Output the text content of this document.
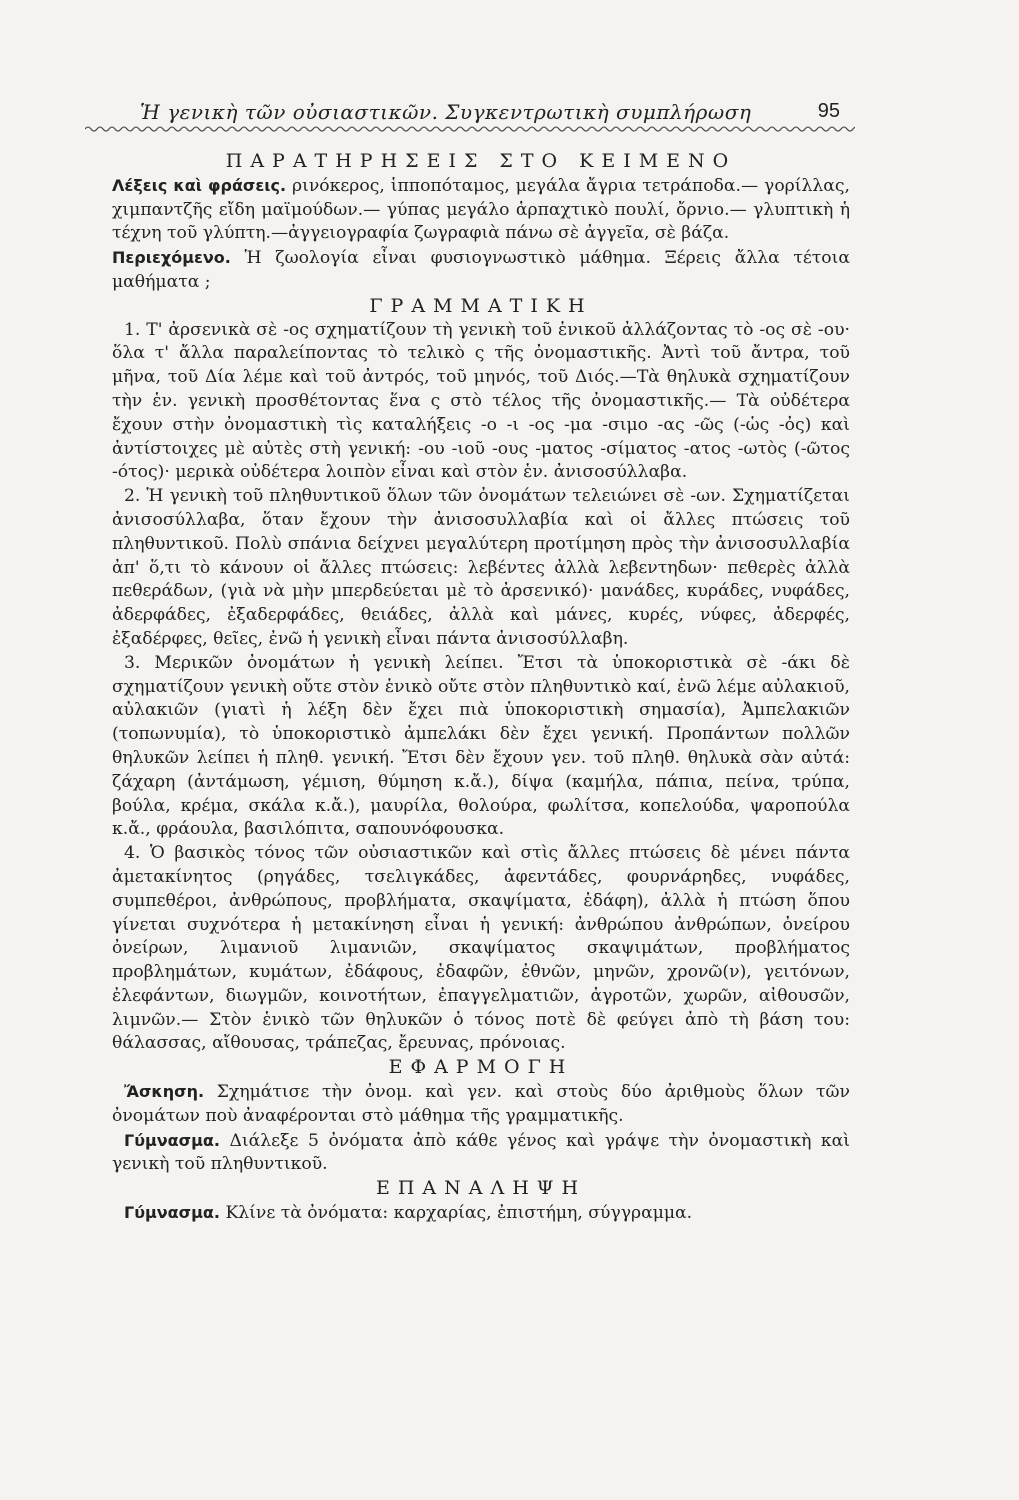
Ἡ γενικὴ τῶν οὐσιαστικῶν. Συγκεντρωτικὴ συμπλήρωση	95

ΠΑΡΑΤΗΡΗΣΕΙΣ ΣΤΟ ΚΕΙΜΕΝΟ

Λέξεις καὶ φράσεις. ρινόκερος, ἱπποπόταμος, μεγάλα ἄγρια τετράποδα.— γορίλλας, χιμπαντζῆς εἴδη μαϊμούδων.— γύπας μεγάλο ἁρπαχτικὸ πουλί, ὄρνιο.— γλυπτικὴ ἡ τέχνη τοῦ γλύπτη.—ἀγγειογραφία ζωγραφιὰ πάνω σὲ ἀγγεῖα, σὲ βάζα.

Περιεχόμενο. Ἡ ζωολογία εἶναι φυσιογνωστικὸ μάθημα. Ξέρεις ἄλλα τέτοια μαθήματα ;

ΓΡΑΜΜΑΤΙΚΗ

1. Τ' ἀρσενικὰ σὲ -ος σχηματίζουν τὴ γενικὴ τοῦ ἑνικοῦ ἀλλάζοντας τὸ -ος σὲ -ου· ὅλα τ' ἄλλα παραλείποντας τὸ τελικὸ ς τῆς ὀνομαστικῆς. Ἀντὶ τοῦ ἄντρα, τοῦ μῆνα, τοῦ Δία λέμε καὶ τοῦ ἀντρός, τοῦ μηνός, τοῦ Διός.—Τὰ θηλυκὰ σχηματίζουν τὴν ἑν. γενικὴ προσθέτοντας ἕνα ς στὸ τέλος τῆς ὀνομαστικῆς.— Τὰ οὐδέτερα ἔχουν στὴν ὀνομαστικὴ τὶς καταλήξεις -ο -ι -ος -μα -σιμο -ας -ῶς (-ὡς -ὀς) καὶ ἀντίστοιχες μὲ αὐτὲς στὴ γενική: -ου -ιοῦ -ους -ματος -σίματος -ατος -ωτὸς (-ῶτος -ότος)· μερικὰ οὐδέτερα λοιπὸν εἶναι καὶ στὸν ἑν. ἀνισοσύλλαβα.

2. Ἡ γενικὴ τοῦ πληθυντικοῦ ὅλων τῶν ὀνομάτων τελειώνει σὲ -ων. Σχηματίζεται ἀνισοσύλλαβα, ὅταν ἔχουν τὴν ἀνισοσυλλαβία καὶ οἱ ἄλλες πτώσεις τοῦ πληθυντικοῦ. Πολὺ σπάνια δείχνει μεγαλύτερη προτίμηση πρὸς τὴν ἀνισοσυλλαβία ἀπ' ὅ,τι τὸ κάνουν οἱ ἄλλες πτώσεις: λεβέντες ἀλλὰ λεβεντηδων· πεθερὲς ἀλλὰ πεθεράδων, (γιὰ νὰ μὴν μπερδεύεται μὲ τὸ ἀρσενικό)· μανάδες, κυράδες, νυφάδες, ἀδερφάδες, ἐξαδερφάδες, θειάδες, ἀλλὰ καὶ μάνες, κυρές, νύφες, ἀδερφές, ἐξαδέρφες, θεῖες, ἐνῶ ἡ γενικὴ εἶναι πάντα ἀνισοσύλλαβη.

3. Μερικῶν ὀνομάτων ἡ γενικὴ λείπει. Ἔτσι τὰ ὑποκοριστικὰ σὲ -άκι δὲ σχηματίζουν γενικὴ οὔτε στὸν ἑνικὸ οὔτε στὸν πληθυντικὸ καί, ἐνῶ λέμε αὐλακιοῦ, αὐλακιῶν (γιατὶ ἡ λέξη δὲν ἔχει πιὰ ὑποκοριστικὴ σημασία), Ἀμπελακιῶν (τοπωνυμία), τὸ ὑποκοριστικὸ ἀμπελάκι δὲν ἔχει γενική. Προπάντων πολλῶν θηλυκῶν λείπει ἡ πληθ. γενική. Ἔτσι δὲν ἔχουν γεν. τοῦ πληθ. θηλυκὰ σὰν αὐτά: ζάχαρη (ἀντάμωση, γέμιση, θύμηση κ.ἄ.), δίψα (καμήλα, πάπια, πείνα, τρύπα, βούλα, κρέμα, σκάλα κ.ἄ.), μαυρίλα, θολούρα, φωλίτσα, κοπελούδα, ψαροπούλα κ.ἄ., φράουλα, βασιλόπιτα, σαπουνόφουσκα.

4. Ὁ βασικὸς τόνος τῶν οὐσιαστικῶν καὶ στὶς ἄλλες πτώσεις δὲ μένει πάντα ἀμετακίνητος (ρηγάδες, τσελιγκάδες, ἀφεντάδες, φουρνάρηδες, νυφάδες, συμπεθέροι, ἀνθρώπους, προβλήματα, σκαψίματα, ἐδάφη), ἀλλὰ ἡ πτώση ὅπου γίνεται συχνότερα ἡ μετακίνηση εἶναι ἡ γενική: ἀνθρώπου ἀνθρώπων, ὀνείρου ὀνείρων, λιμανιοῦ λιμανιῶν, σκαψίματος σκαψιμάτων, προβλήματος προβλημάτων, κυμάτων, ἐδάφους, ἐδαφῶν, ἐθνῶν, μηνῶν, χρονῶ(ν), γειτόνων, ἐλεφάντων, διωγμῶν, κοινοτήτων, ἐπαγγελματιῶν, ἀγροτῶν, χωρῶν, αἰθουσῶν, λιμνῶν.— Στὸν ἑνικὸ τῶν θηλυκῶν ὁ τόνος ποτὲ δὲ φεύγει ἀπὸ τὴ βάση του: θάλασσας, αἴθουσας, τράπεζας, ἔρευνας, πρόνοιας.

ΕΦΑΡΜΟΓΗ

Ἄσκηση. Σχημάτισε τὴν ὀνομ. καὶ γεν. καὶ στοὺς δύο ἀριθμοὺς ὅλων τῶν ὀνομάτων ποὺ ἀναφέρονται στὸ μάθημα τῆς γραμματικῆς.

Γύμνασμα. Διάλεξε 5 ὀνόματα ἀπὸ κάθε γένος καὶ γράψε τὴν ὀνομαστικὴ καὶ γενικὴ τοῦ πληθυντικοῦ.

ΕΠΑΝΑΛΗΨΗ

Γύμνασμα. Κλίνε τὰ ὀνόματα: καρχαρίας, ἐπιστήμη, σύγγραμμα.
